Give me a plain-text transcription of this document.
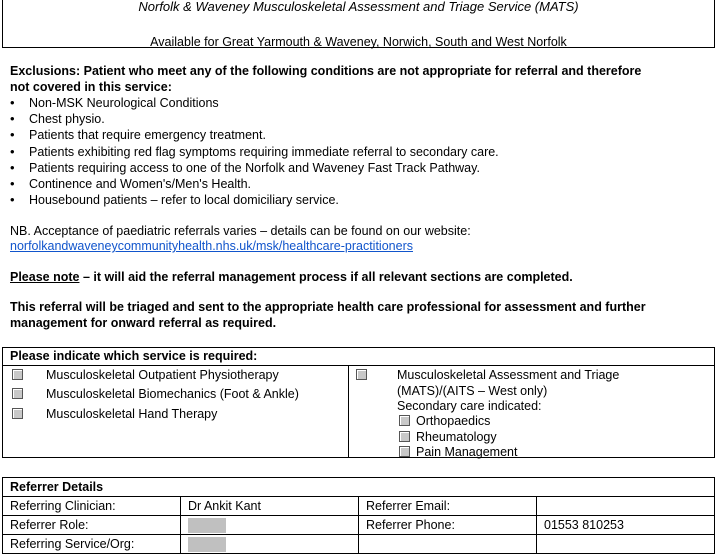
Norfolk & Waveney Musculoskeletal Assessment and Triage Service (MATS)
Available for Great Yarmouth & Waveney, Norwich, South and West Norfolk
Exclusions: Patient who meet any of the following conditions are not appropriate for referral and therefore
not covered in this service:
• Non-MSK Neurological Conditions
• Chest physio.
• Patients that require emergency treatment.
• Patients exhibiting red flag symptoms requiring immediate referral to secondary care.
• Patients requiring access to one of the Norfolk and Waveney Fast Track Pathway.
• Continence and Women's/Men's Health.
• Housebound patients – refer to local domiciliary service.
NB. Acceptance of paediatric referrals varies – details can be found on our website:
norfolkandwaveneycommunityhealth.nhs.uk/msk/healthcare-practitioners
Please note – it will aid the referral management process if all relevant sections are completed.
This referral will be triaged and sent to the appropriate health care professional for assessment and further
management for onward referral as required.
Please indicate which service is required:
Musculoskeletal Outpatient Physiotherapy
Musculoskeletal Biomechanics (Foot & Ankle)
Musculoskeletal Hand Therapy
Musculoskeletal Assessment and Triage
(MATS)/(AITS – West only)
Secondary care indicated:
Orthopaedics
Rheumatology
Pain Management
Referrer Details			
Referring Clinician:	Dr Ankit Kant	Referrer Email:	
Referrer Role:		Referrer Phone:	01553 810253
Referring Service/Org:			
